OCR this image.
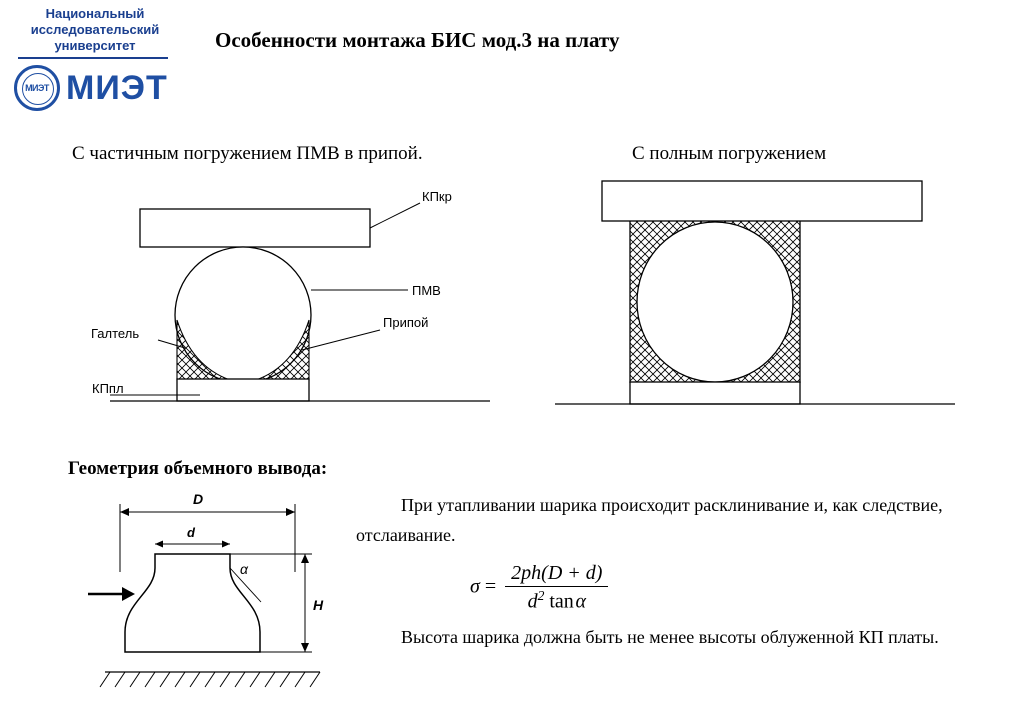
Национальный
исследовательский
университет
МИЭТ МИЭТ
Особенности монтажа БИС мод.3 на плату
С частичным погружением ПМВ в припой.	С полным погружением
КПкр
ПМВ
Припой
Галтель
КПпл
Геометрия объемного вывода:
D
d
α
H
При утапливании шарика происходит расклинивание и, как следствие, отслаивание.
$\sigma = \frac{2ph(D + d)}{d^2 \tan \alpha}$
Высота шарика должна быть не менее высоты облуженной КП платы.
